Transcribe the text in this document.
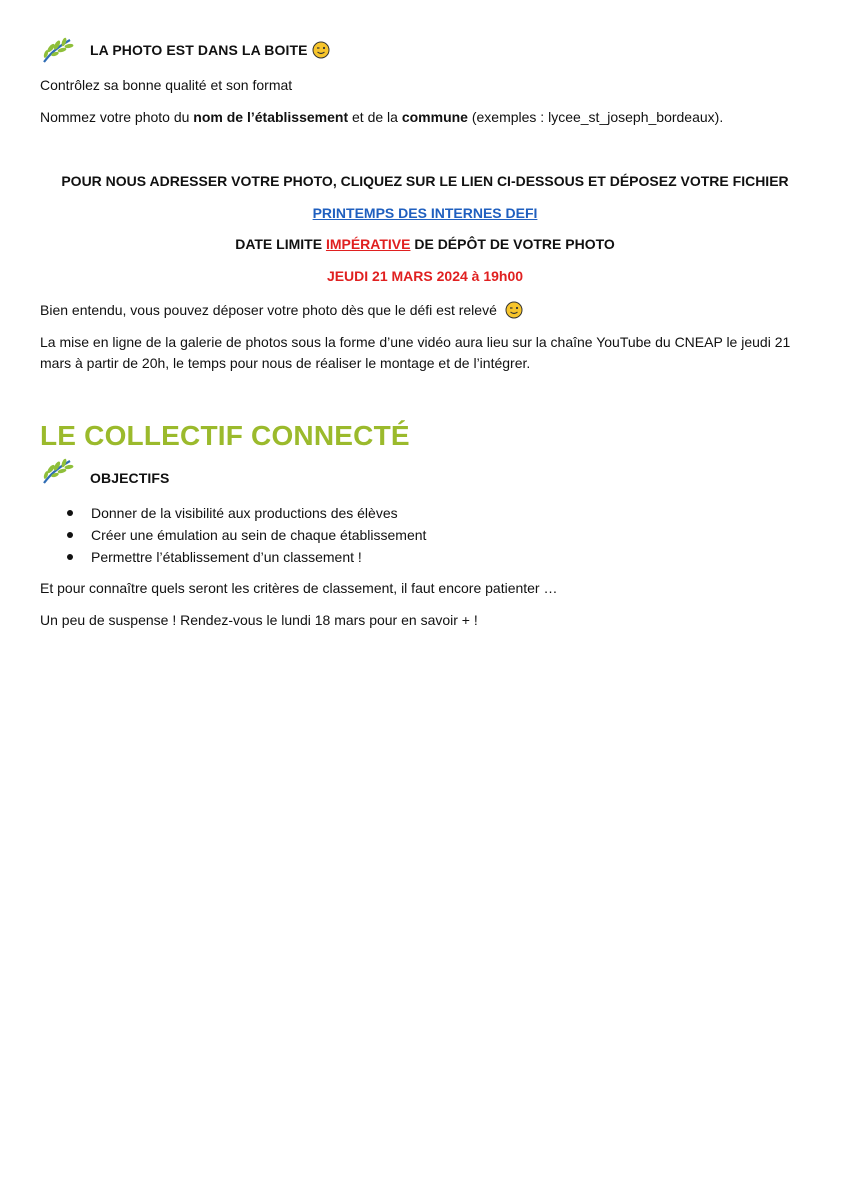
LA PHOTO EST DANS LA BOITE
Contrôlez sa bonne qualité et son format
Nommez votre photo du nom de l’établissement et de la commune (exemples : lycee_st_joseph_bordeaux).
POUR NOUS ADRESSER VOTRE PHOTO, CLIQUEZ SUR LE LIEN CI-DESSOUS ET DÉPOSEZ VOTRE FICHIER
PRINTEMPS DES INTERNES DEFI
DATE LIMITE IMPÉRATIVE DE DÉPÔT DE VOTRE PHOTO
JEUDI 21 MARS 2024 à 19h00
Bien entendu, vous pouvez déposer votre photo dès que le défi est relevé
La mise en ligne de la galerie de photos sous la forme d’une vidéo aura lieu sur la chaîne YouTube du CNEAP le jeudi 21 mars à partir de 20h, le temps pour nous de réaliser le montage et de l’intégrer.
LE COLLECTIF CONNECTÉ
OBJECTIFS
Donner de la visibilité aux productions des élèves
Créer une émulation au sein de chaque établissement
Permettre l’établissement d’un classement !
Et pour connaître quels seront les critères de classement, il faut encore patienter …
Un peu de suspense ! Rendez-vous le lundi 18 mars pour en savoir + !
